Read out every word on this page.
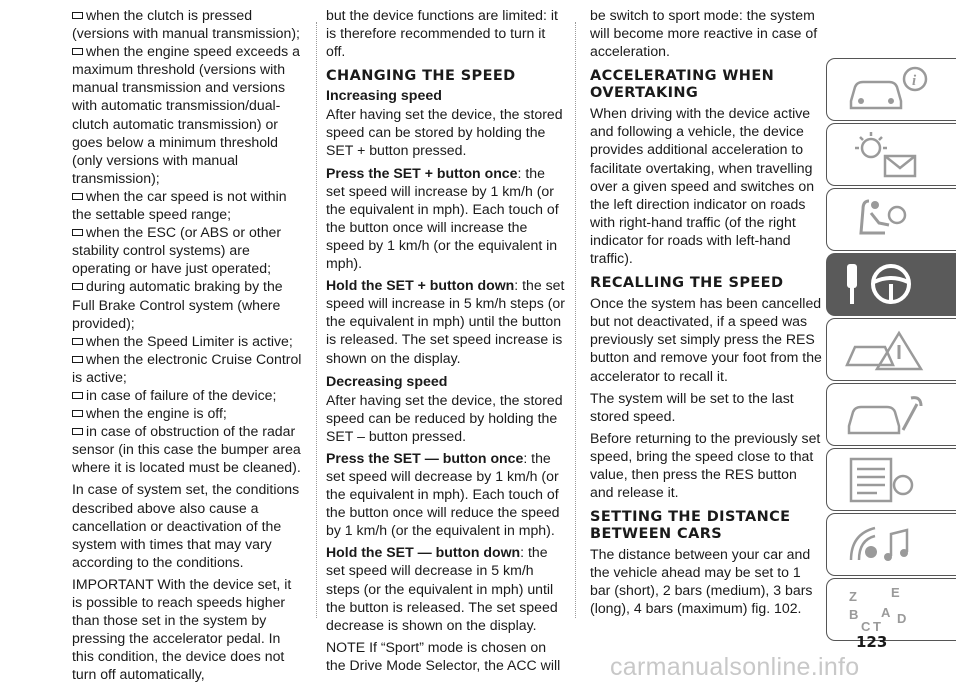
when the clutch is pressed (versions with manual transmission);

when the engine speed exceeds a maximum threshold (versions with manual transmission and versions with automatic transmission/dual-clutch automatic transmission) or goes below a minimum threshold (only versions with manual transmission);

when the car speed is not within the settable speed range;

when the ESC (or ABS or other stability control systems) are operating or have just operated;

during automatic braking by the Full Brake Control system (where provided);

when the Speed Limiter is active;

when the electronic Cruise Control is active;

in case of failure of the device;

when the engine is off;

in case of obstruction of the radar sensor (in this case the bumper area where it is located must be cleaned).

In case of system set, the conditions described above also cause a cancellation or deactivation of the system with times that may vary according to the conditions.

IMPORTANT With the device set, it is possible to reach speeds higher than those set in the system by pressing the accelerator pedal. In this condition, the device does not turn off automatically,

but the device functions are limited: it is therefore recommended to turn it off.

CHANGING THE SPEED
Increasing speed

After having set the device, the stored speed can be stored by holding the SET + button pressed.

Press the SET + button once: the set speed will increase by 1 km/h (or the equivalent in mph). Each touch of the button once will increase the speed by 1 km/h (or the equivalent in mph).

Hold the SET + button down: the set speed will increase in 5 km/h steps (or the equivalent in mph) until the button is released. The set speed increase is shown on the display.

Decreasing speed

After having set the device, the stored speed can be reduced by holding the SET – button pressed.

Press the SET — button once: the set speed will decrease by 1 km/h (or the equivalent in mph). Each touch of the button once will reduce the speed by 1 km/h (or the equivalent in mph).

Hold the SET — button down: the set speed will decrease in 5 km/h steps (or the equivalent in mph) until the button is released. The set speed decrease is shown on the display.

NOTE If “Sport” mode is chosen on the Drive Mode Selector, the ACC will

be switch to sport mode: the system will become more reactive in case of acceleration.

ACCELERATING WHEN OVERTAKING

When driving with the device active and following a vehicle, the device provides additional acceleration to facilitate overtaking, when travelling over a given speed and switches on the left direction indicator on roads with right-hand traffic (of the right indicator for roads with left-hand traffic).

RECALLING THE SPEED

Once the system has been cancelled but not deactivated, if a speed was previously set simply press the RES button and remove your foot from the accelerator to recall it.

The system will be set to the last stored speed.

Before returning to the previously set speed, bring the speed close to that value, then press the RES button and release it.

SETTING THE DISTANCE BETWEEN CARS

The distance between your car and the vehicle ahead may be set to 1 bar (short), 2 bars (medium), 3 bars (long), 4 bars (maximum) fig. 102.

i
Z	E
B A
C T
D
123
carmanualsonline.info
